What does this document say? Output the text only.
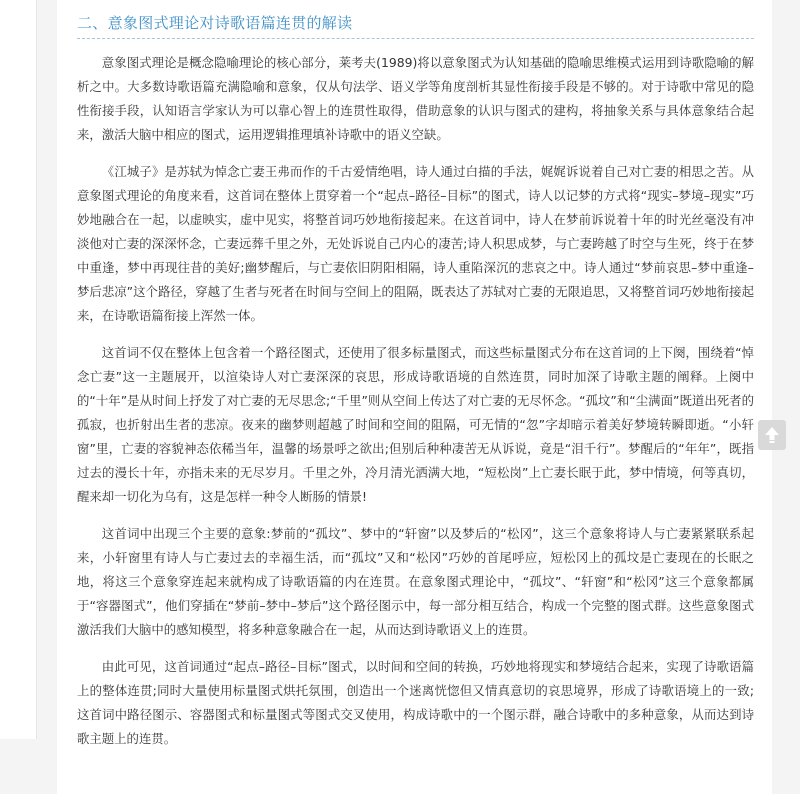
二、意象图式理论对诗歌语篇连贯的解读

意象图式理论是概念隐喻理论的核心部分，莱考夫(1989)将以意象图式为认知基础的隐喻思维模式运用到诗歌隐喻的解析之中。大多数诗歌语篇充满隐喻和意象，仅从句法学、语义学等角度剖析其显性衔接手段是不够的。对于诗歌中常见的隐性衔接手段，认知语言学家认为可以靠心智上的连贯性取得，借助意象的认识与图式的建构，将抽象关系与具体意象结合起来，激活大脑中相应的图式，运用逻辑推理填补诗歌中的语义空缺。

《江城子》是苏轼为悼念亡妻王弗而作的千古爱情绝唱，诗人通过白描的手法，娓娓诉说着自己对亡妻的相思之苦。从意象图式理论的角度来看，这首词在整体上贯穿着一个“起点–路径–目标”的图式，诗人以记梦的方式将“现实–梦境–现实”巧妙地融合在一起，以虚映实，虚中见实，将整首词巧妙地衔接起来。在这首词中，诗人在梦前诉说着十年的时光丝毫没有冲淡他对亡妻的深深怀念，亡妻远葬千里之外，无处诉说自己内心的凄苦;诗人积思成梦，与亡妻跨越了时空与生死，终于在梦中重逢，梦中再现往昔的美好;幽梦醒后，与亡妻依旧阴阳相隔，诗人重陷深沉的悲哀之中。诗人通过“梦前哀思–梦中重逢–梦后悲凉”这个路径，穿越了生者与死者在时间与空间上的阻隔，既表达了苏轼对亡妻的无限追思，又将整首词巧妙地衔接起来，在诗歌语篇衔接上浑然一体。

这首词不仅在整体上包含着一个路径图式，还使用了很多标量图式，而这些标量图式分布在这首词的上下阕，围绕着“悼念亡妻”这一主题展开，以渲染诗人对亡妻深深的哀思，形成诗歌语境的自然连贯，同时加深了诗歌主题的阐释。上阕中的“十年”是从时间上抒发了对亡妻的无尽思念;“千里”则从空间上传达了对亡妻的无尽怀念。“孤坟”和“尘满面”既道出死者的孤寂，也折射出生者的悲凉。夜来的幽梦则超越了时间和空间的阻隔，可无情的“忽”字却暗示着美好梦境转瞬即逝。“小轩窗”里，亡妻的容貌神态依稀当年，温馨的场景呼之欲出;但别后种种凄苦无从诉说，竟是“泪千行”。梦醒后的“年年”，既指过去的漫长十年，亦指未来的无尽岁月。千里之外，冷月清光洒满大地，“短松岗”上亡妻长眠于此，梦中情境，何等真切，醒来却一切化为乌有，这是怎样一种令人断肠的情景!

这首词中出现三个主要的意象:梦前的“孤坟”、梦中的“轩窗”以及梦后的“松冈”，这三个意象将诗人与亡妻紧紧联系起来，小轩窗里有诗人与亡妻过去的幸福生活，而“孤坟”又和“松冈”巧妙的首尾呼应，短松冈上的孤坟是亡妻现在的长眠之地，将这三个意象穿连起来就构成了诗歌语篇的内在连贯。在意象图式理论中，“孤坟”、“轩窗”和“松冈”这三个意象都属于“容器图式”，他们穿插在“梦前–梦中–梦后”这个路径图示中，每一部分相互结合，构成一个完整的图式群。这些意象图式激活我们大脑中的感知模型，将多种意象融合在一起，从而达到诗歌语义上的连贯。

由此可见，这首词通过“起点–路径–目标”图式，以时间和空间的转换，巧妙地将现实和梦境结合起来，实现了诗歌语篇上的整体连贯;同时大量使用标量图式烘托氛围，创造出一个迷离恍惚但又情真意切的哀思境界，形成了诗歌语境上的一致;这首词中路径图示、容器图式和标量图式等图式交叉使用，构成诗歌中的一个图示群，融合诗歌中的多种意象，从而达到诗歌主题上的连贯。
